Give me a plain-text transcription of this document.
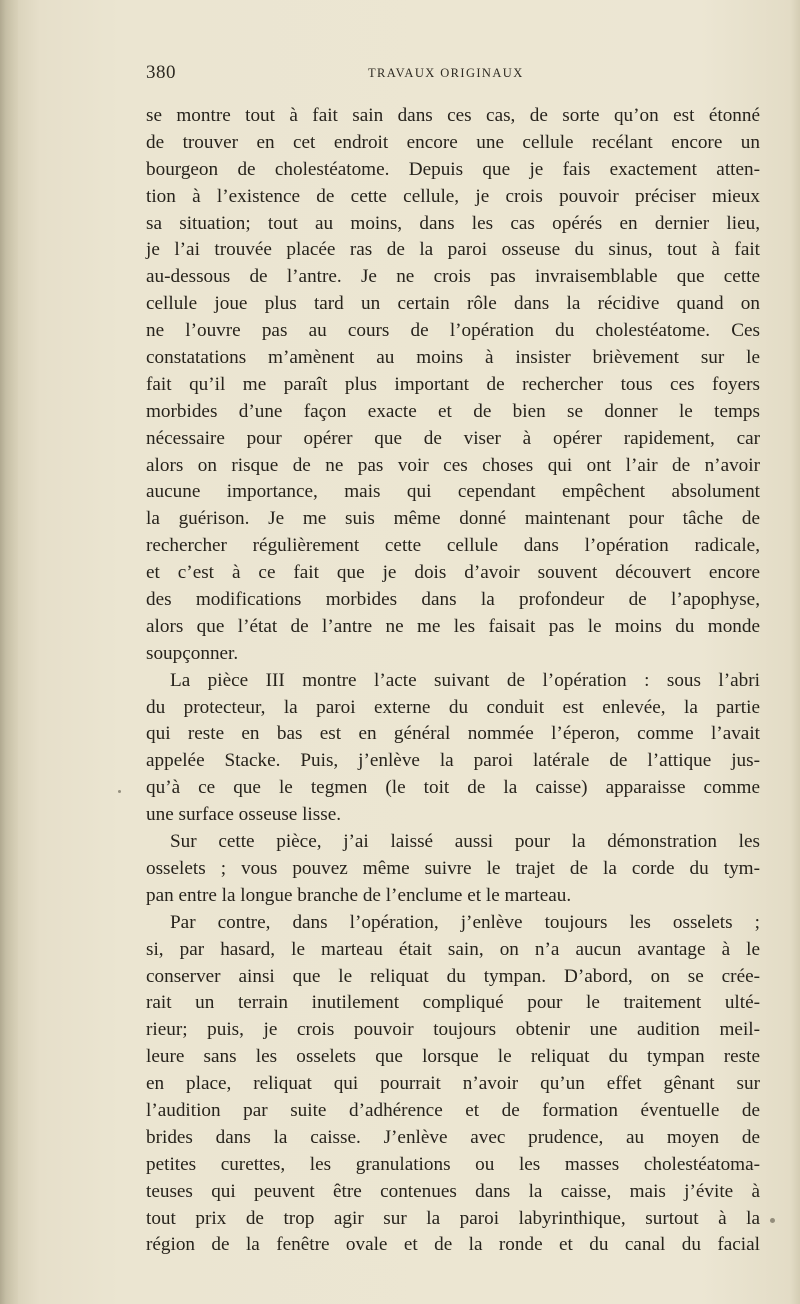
380	TRAVAUX ORIGINAUX
se montre tout à fait sain dans ces cas, de sorte qu’on est étonné
de trouver en cet endroit encore une cellule recélant encore un
bourgeon de cholestéatome. Depuis que je fais exactement atten-
tion à l’existence de cette cellule, je crois pouvoir préciser mieux
sa situation; tout au moins, dans les cas opérés en dernier lieu,
je l’ai trouvée placée ras de la paroi osseuse du sinus, tout à fait
au-dessous de l’antre. Je ne crois pas invraisemblable que cette
cellule joue plus tard un certain rôle dans la récidive quand on
ne l’ouvre pas au cours de l’opération du cholestéatome. Ces
constatations m’amènent au moins à insister brièvement sur le
fait qu’il me paraît plus important de rechercher tous ces foyers
morbides d’une façon exacte et de bien se donner le temps
nécessaire pour opérer que de viser à opérer rapidement, car
alors on risque de ne pas voir ces choses qui ont l’air de n’avoir
aucune importance, mais qui cependant empêchent absolument
la guérison. Je me suis même donné maintenant pour tâche de
rechercher régulièrement cette cellule dans l’opération radicale,
et c’est à ce fait que je dois d’avoir souvent découvert encore
des modifications morbides dans la profondeur de l’apophyse,
alors que l’état de l’antre ne me les faisait pas le moins du monde
soupçonner.
La pièce III montre l’acte suivant de l’opération : sous l’abri
du protecteur, la paroi externe du conduit est enlevée, la partie
qui reste en bas est en général nommée l’éperon, comme l’avait
appelée Stacke. Puis, j’enlève la paroi latérale de l’attique jus-
qu’à ce que le tegmen (le toit de la caisse) apparaisse comme
une surface osseuse lisse.
Sur cette pièce, j’ai laissé aussi pour la démonstration les
osselets ; vous pouvez même suivre le trajet de la corde du tym-
pan entre la longue branche de l’enclume et le marteau.
Par contre, dans l’opération, j’enlève toujours les osselets ;
si, par hasard, le marteau était sain, on n’a aucun avantage à le
conserver ainsi que le reliquat du tympan. D’abord, on se crée-
rait un terrain inutilement compliqué pour le traitement ulté-
rieur; puis, je crois pouvoir toujours obtenir une audition meil-
leure sans les osselets que lorsque le reliquat du tympan reste
en place, reliquat qui pourrait n’avoir qu’un effet gênant sur
l’audition par suite d’adhérence et de formation éventuelle de
brides dans la caisse. J’enlève avec prudence, au moyen de
petites curettes, les granulations ou les masses cholestéatoma-
teuses qui peuvent être contenues dans la caisse, mais j’évite à
tout prix de trop agir sur la paroi labyrinthique, surtout à la
région de la fenêtre ovale et de la ronde et du canal du facial
